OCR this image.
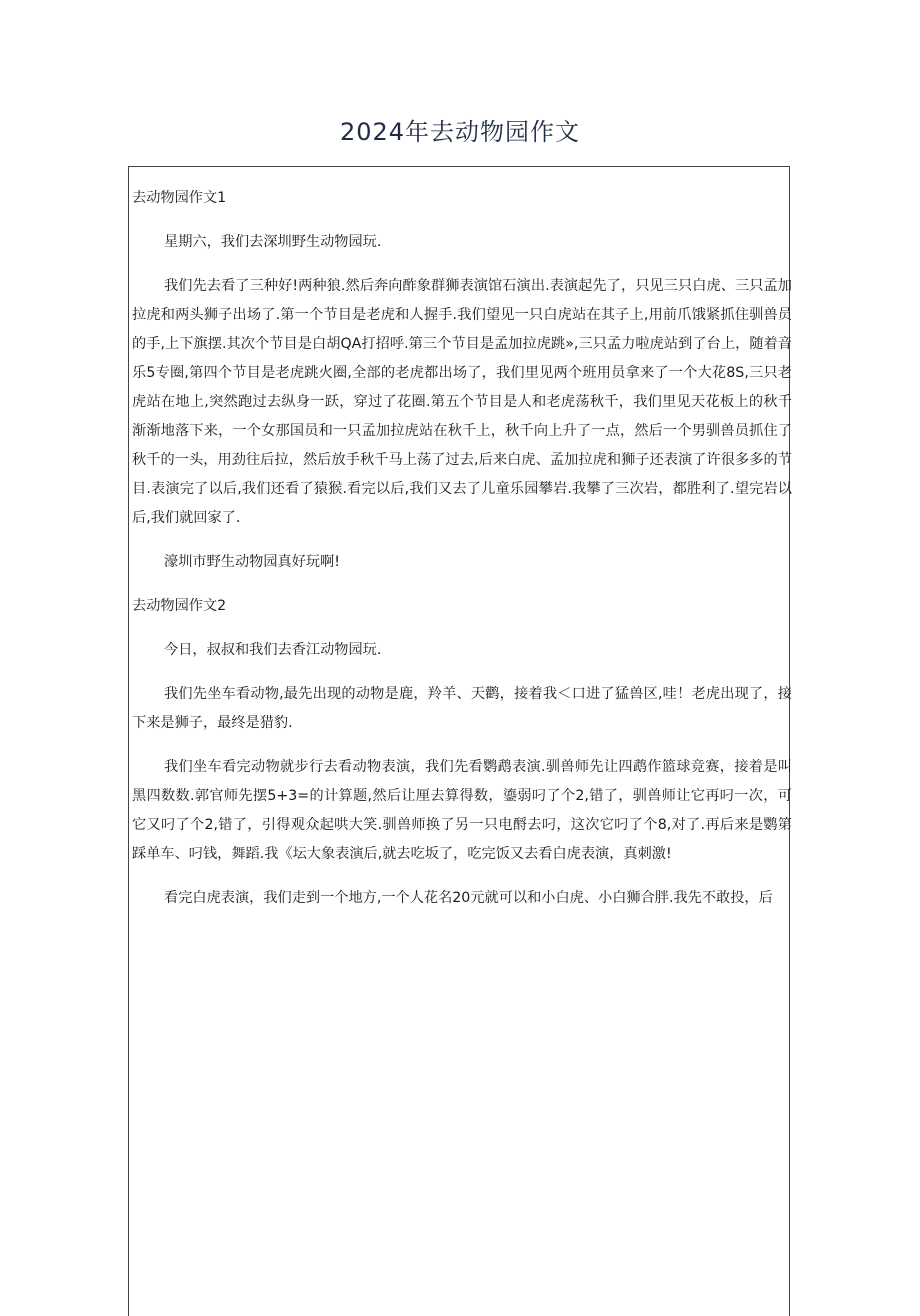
2024年去动物园作文

去动物园作文1

星期六，我们去深圳野生动物园玩.

我们先去看了三种好!两种狼.然后奔向酢象群狮表演馆石演出.表演起先了，只见三只白虎、三只孟加拉虎和两头狮子出场了.第一个节目是老虎和人握手.我们望见一只白虎站在其子上,用前爪饿紧抓住驯兽员的手,上下旗摆.其次个节目是白胡QA打招呼.第三个节目是孟加拉虎跳»,三只孟力啦虎站到了台上，随着音乐5专圈,第四个节目是老虎跳火圈,全部的老虎都出场了，我们里见两个班用员拿来了一个大花8S,三只老虎站在地上,突然跑过去纵身一跃，穿过了花圈.第五个节目是人和老虎荡秋千，我们里见天花板上的秋千渐渐地落下来，一个女那国员和一只孟加拉虎站在秋千上，秋千向上升了一点，然后一个男驯兽员抓住了秋千的一头，用劲往后拉，然后放手秋千马上荡了过去,后来白虎、孟加拉虎和狮子还表演了许很多多的节目.表演完了以后,我们还看了猿猴.看完以后,我们又去了儿童乐园攀岩.我攀了三次岩，都胜利了.望完岩以后,我们就回家了.

濠圳市野生动物园真好玩啊!

去动物园作文2

今日，叔叔和我们去香江动物园玩.

我们先坐车看动物,最先出现的动物是鹿，羚羊、天鹳，接着我＜口进了猛兽区,哇！老虎出现了，接下来是狮子，最终是猎豹.

我们坐车看完动物就步行去看动物表演，我们先看鹦鹉表演.驯兽师先让四鹉作篮球竞赛，接着是叫黑四数数.郭官师先摆5+3=的计算题,然后让厘去算得数，鎏弱叼了个2,错了，驯兽师让它再叼一次，可它又叼了个2,错了，引得观众起哄大笑.驯兽师换了另一只电酹去叼，这次它叼了个8,对了.再后来是鹦第踩单车、叼钱，舞蹈.我《坛大象表演后,就去吃坂了，吃完饭又去看白虎表演，真刺激!

看完白虎表演，我们走到一个地方,一个人花名20元就可以和小白虎、小白狮合胖.我先不敢投，后
